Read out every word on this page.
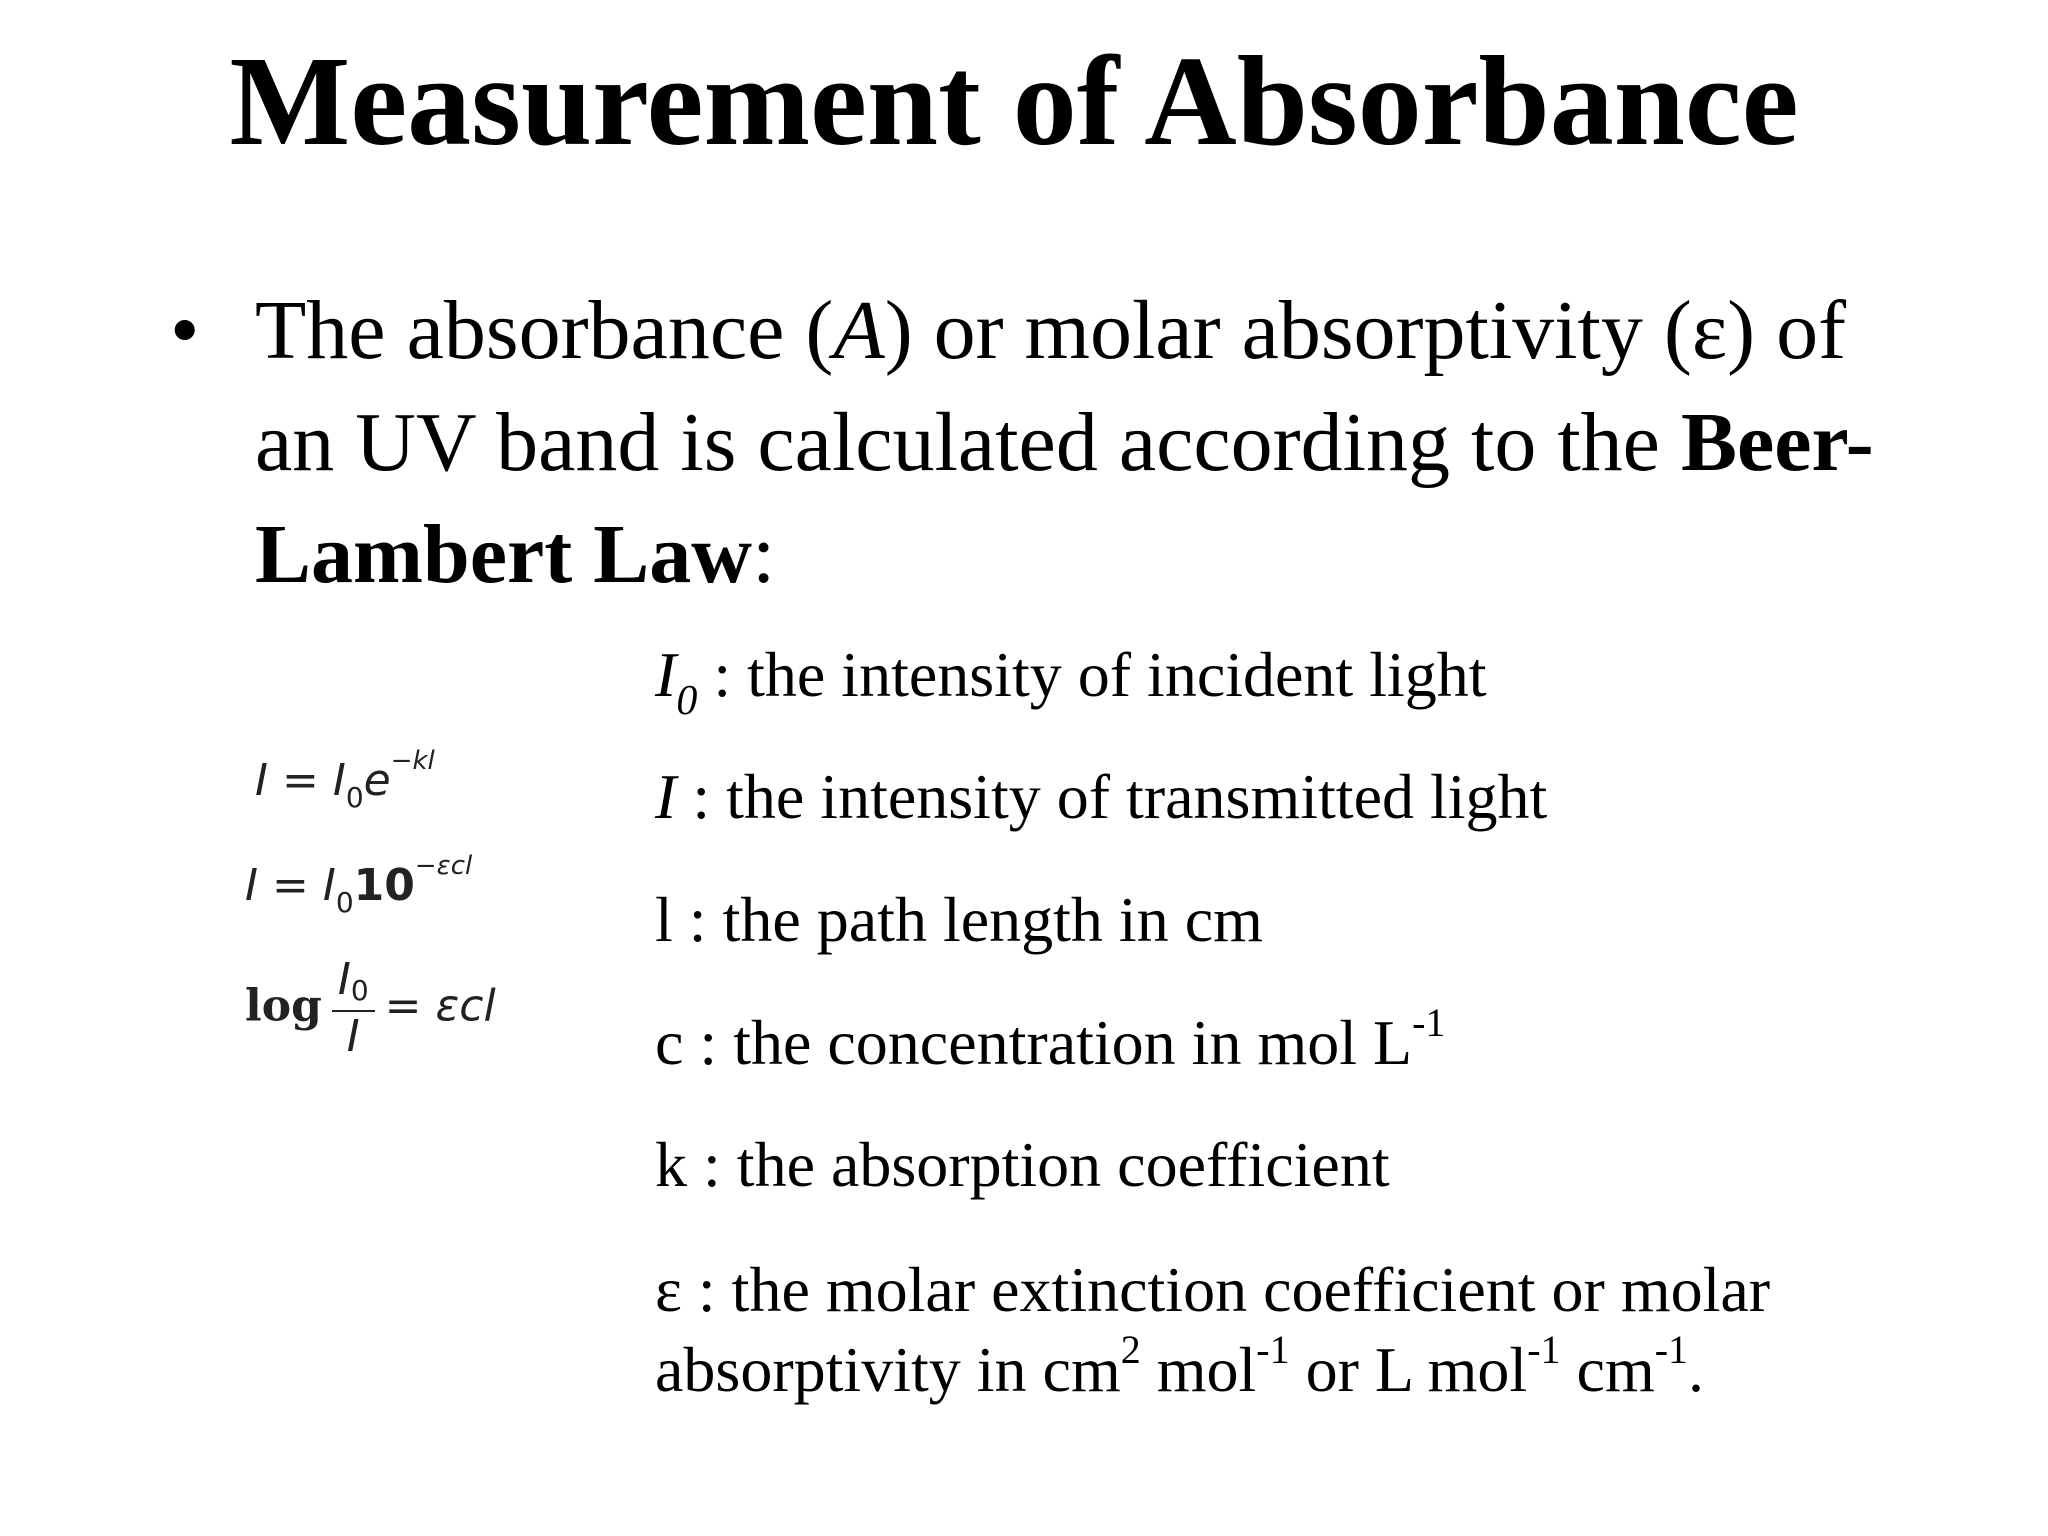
Measurement of Absorbance
• The absorbance (A) or molar absorptivity (ε) of an UV band is calculated according to the Beer-Lambert Law:
$I = I_0e^{-kl}$
$I = I_010^{-\varepsilon cl}$
$\log \frac{I0}{I} = \varepsilon cl$
$I_0$ : the intensity of incident light
I : the intensity of transmitted light
l : the path length in cm
c : the concentration in mol $L^{-1}$
k : the absorption coefficient
ε : the molar extinction coefficient or molar absorptivity in $cm^2$ mol$^{-1}$ or L mol$^{-1}$ $cm^{-1}$.
